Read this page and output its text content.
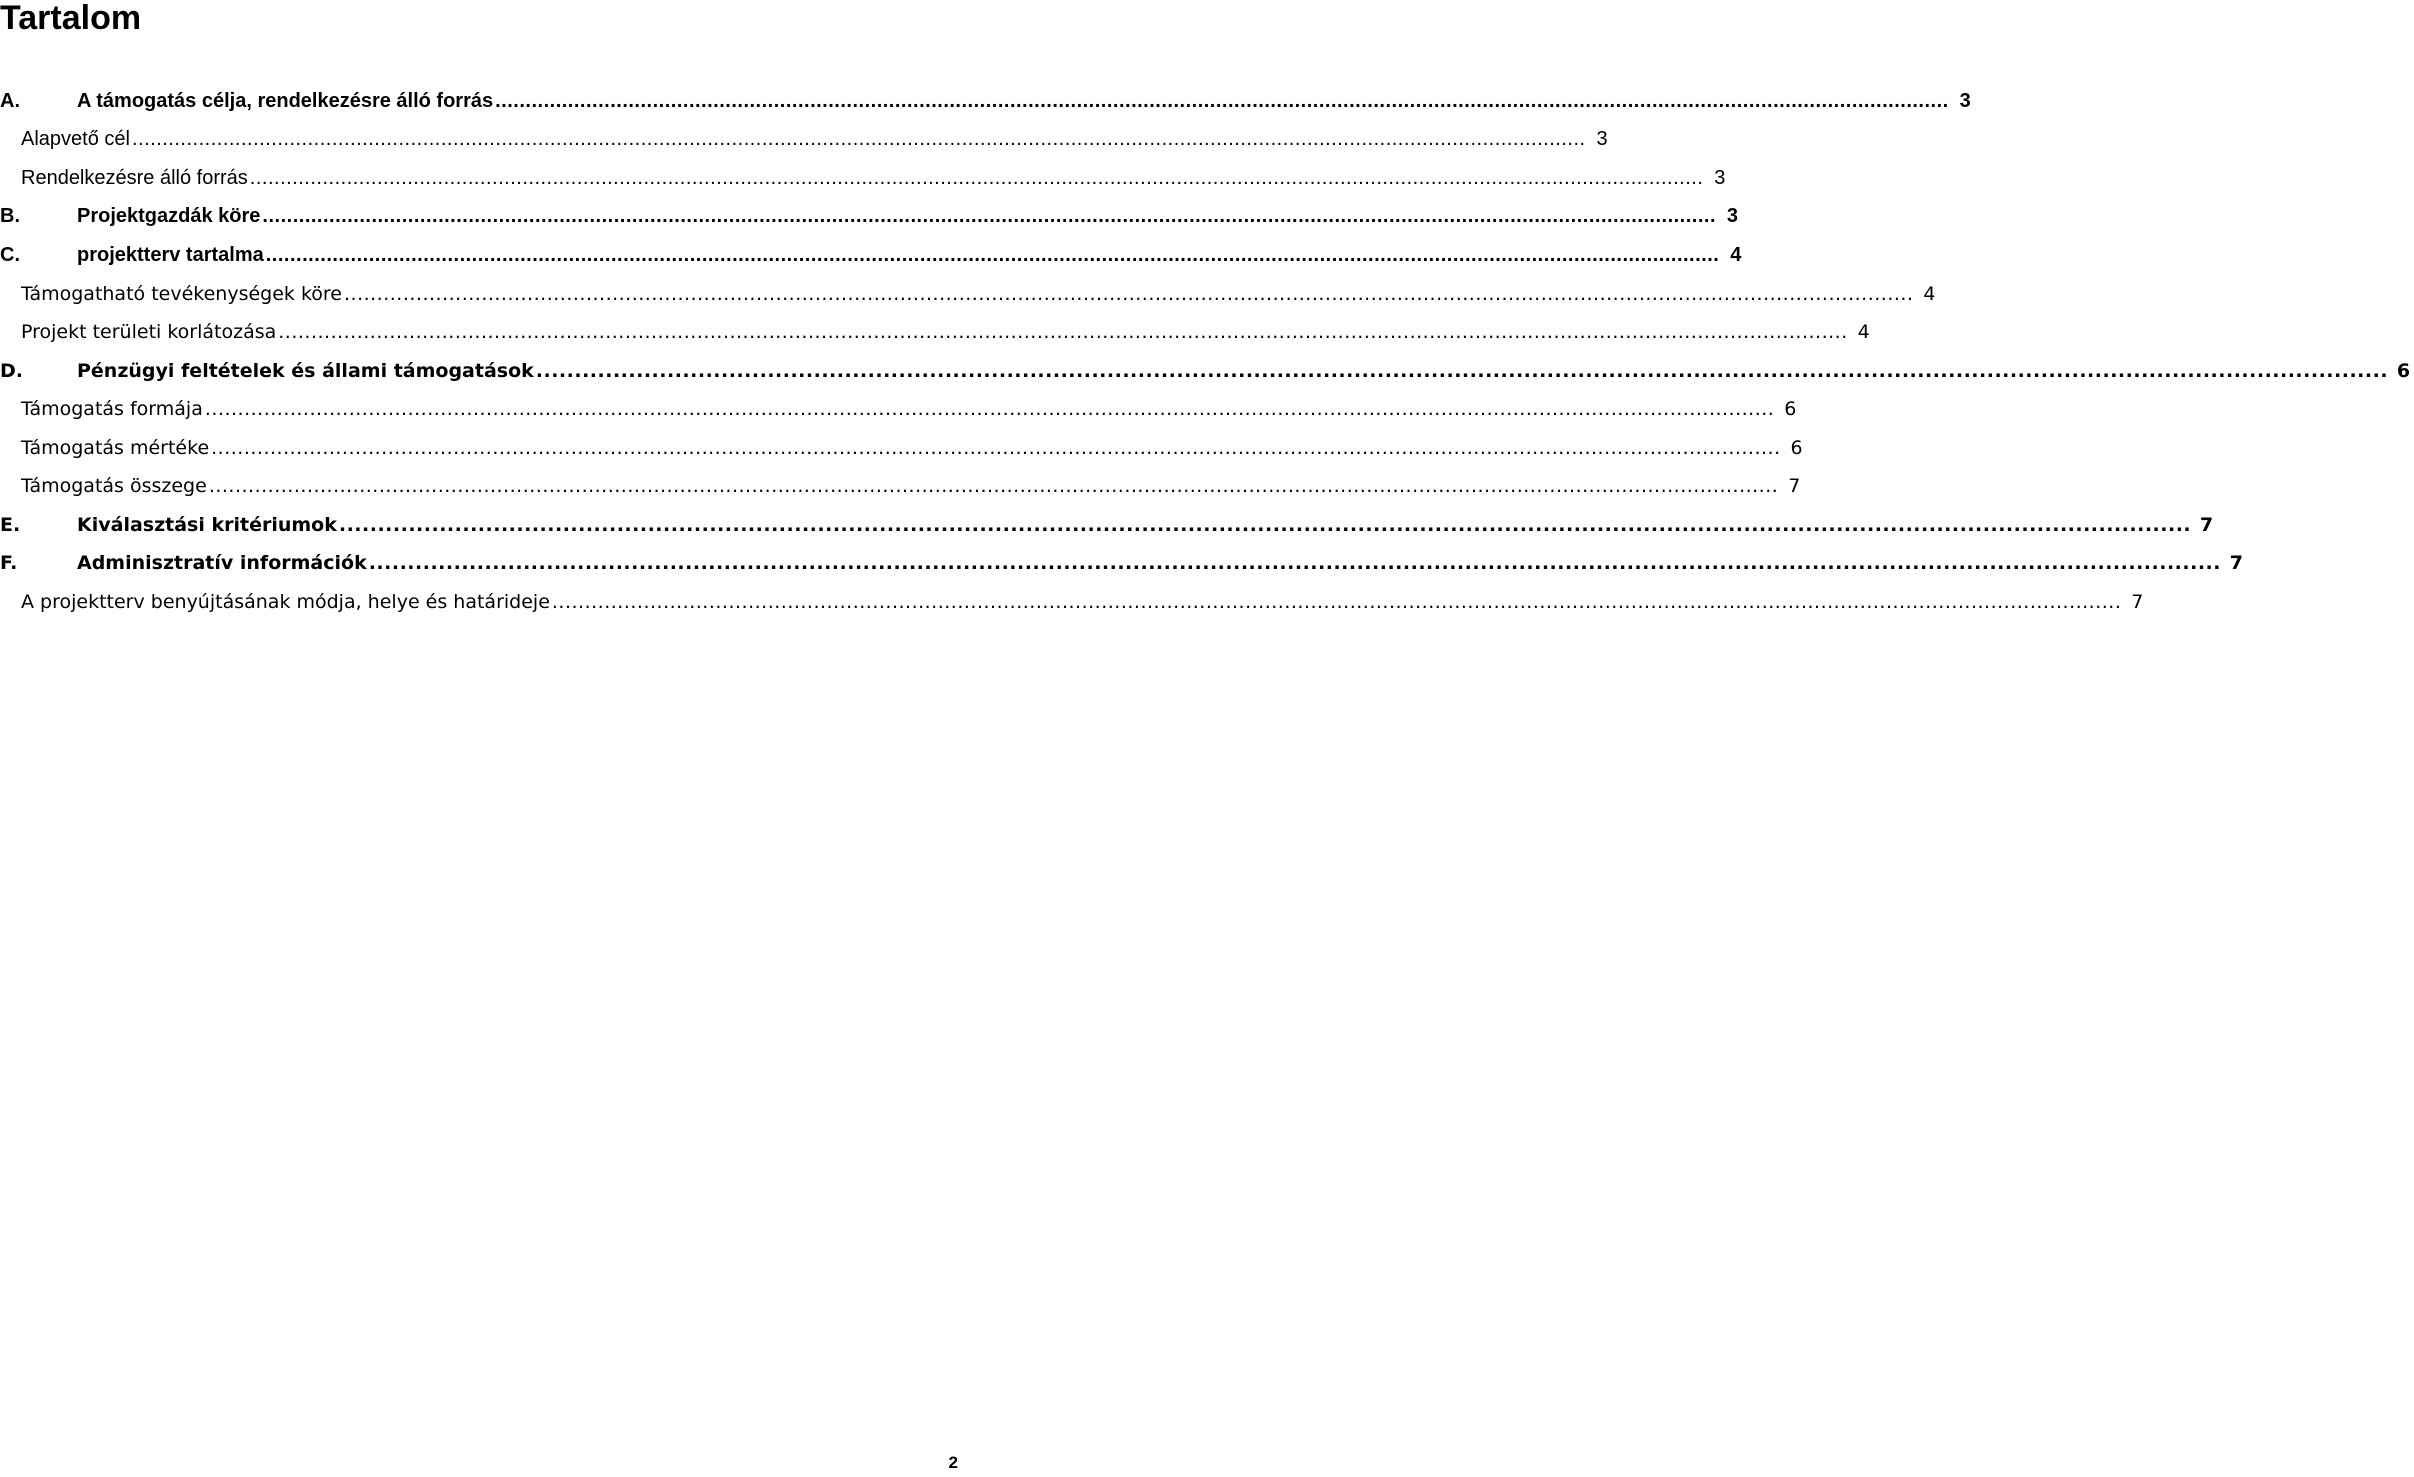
Tartalom
A.	A támogatás célja, rendelkezésre álló forrás ................................................................................................................................................................................................................................................ 3
Alapvető cél ................................................................................................................................................................................................................................................ 3
Rendelkezésre álló forrás ................................................................................................................................................................................................................................................ 3
B.	Projektgazdák köre ................................................................................................................................................................................................................................................ 3
C.	projektterv tartalma ................................................................................................................................................................................................................................................ 4
Támogatható tevékenységek köre ................................................................................................................................................................................................................................................ 4
Projekt területi korlátozása ................................................................................................................................................................................................................................................ 4
D.	Pénzügyi feltételek és állami támogatások ................................................................................................................................................................................................................................................ 6
Támogatás formája ................................................................................................................................................................................................................................................ 6
Támogatás mértéke ................................................................................................................................................................................................................................................ 6
Támogatás összege ................................................................................................................................................................................................................................................ 7
E.	Kiválasztási kritériumok ................................................................................................................................................................................................................................................ 7
F.	Adminisztratív információk ................................................................................................................................................................................................................................................ 7
A projektterv benyújtásának módja, helye és határideje ................................................................................................................................................................................................................................................ 7
2
